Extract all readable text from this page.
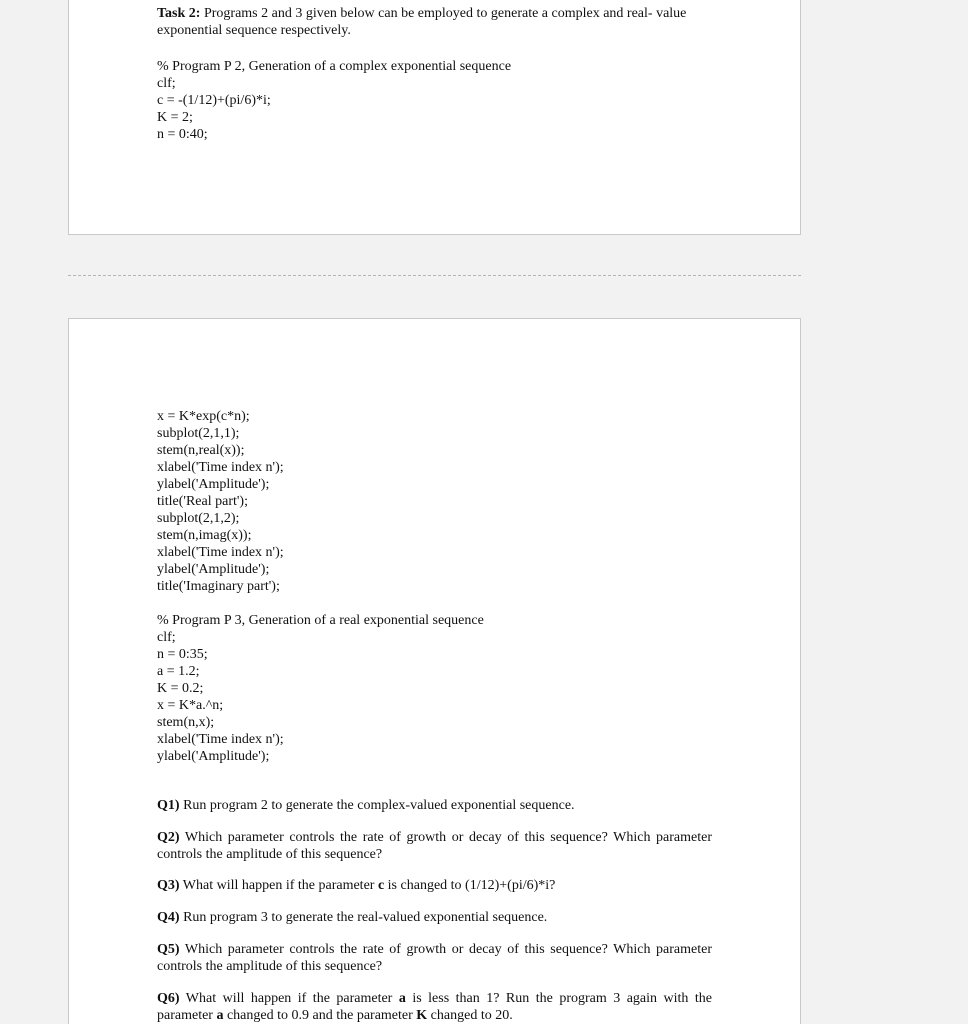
Task 2: Programs 2 and 3 given below can be employed to generate a complex and real- value
exponential sequence respectively.
% Program P 2, Generation of a complex exponential sequence
clf;
c = -(1/12)+(pi/6)*i;
K = 2;
n = 0:40;
x = K*exp(c*n);
subplot(2,1,1);
stem(n,real(x));
xlabel('Time index n');
ylabel('Amplitude');
title('Real part');
subplot(2,1,2);
stem(n,imag(x));
xlabel('Time index n');
ylabel('Amplitude');
title('Imaginary part');
% Program P 3, Generation of a real exponential sequence
clf;
n = 0:35;
a = 1.2;
K = 0.2;
x = K*a.^n;
stem(n,x);
xlabel('Time index n');
ylabel('Amplitude');
Q1) Run program 2 to generate the complex-valued exponential sequence.
Q2) Which parameter controls the rate of growth or decay of this sequence? Which parameter controls the amplitude of this sequence?
Q3) What will happen if the parameter c is changed to (1/12)+(pi/6)*i?
Q4) Run program 3 to generate the real-valued exponential sequence.
Q5) Which parameter controls the rate of growth or decay of this sequence? Which parameter controls the amplitude of this sequence?
Q6) What will happen if the parameter a is less than 1? Run the program 3 again with the parameter a changed to 0.9 and the parameter K changed to 20.
